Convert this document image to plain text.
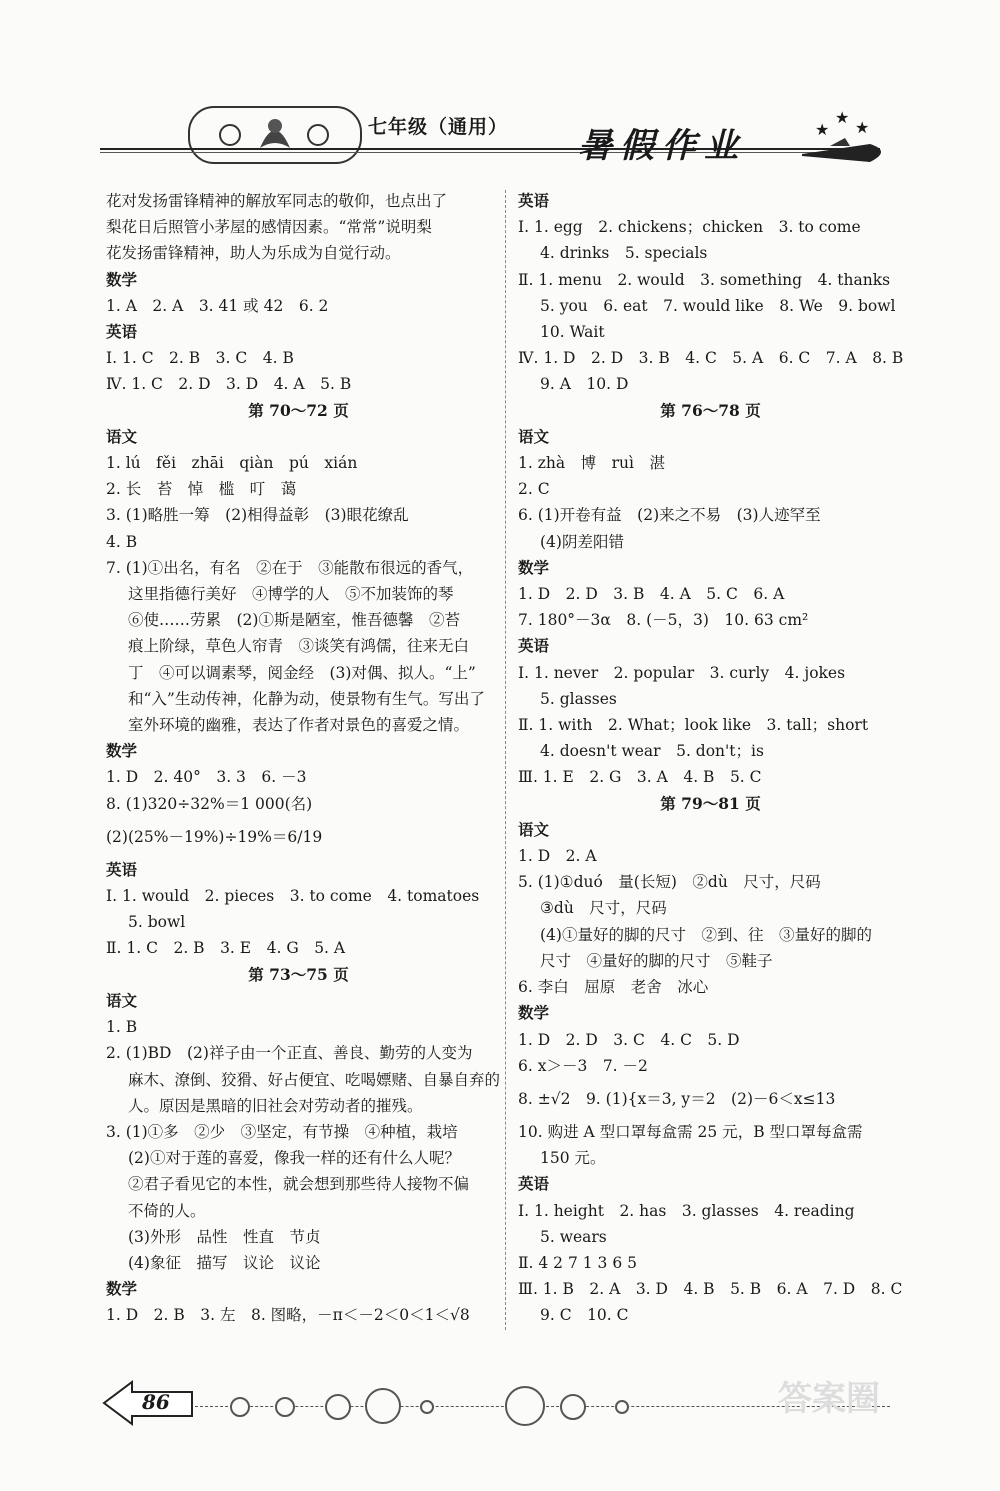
七年级（通用） 暑假作业	★
★
★
花对发扬雷锋精神的解放军同志的敬仰，也点出了
梨花日后照管小茅屋的感情因素。“常常”说明梨
花发扬雷锋精神，助人为乐成为自觉行动。
数学
1. A　2. A　3. 41 或 42　6. 2
英语
Ⅰ. 1. C　2. B　3. C　4. B
Ⅳ. 1. C　2. D　3. D　4. A　5. B
第 70～72 页
语文
1. lú　fěi　zhāi　qiàn　pú　xián
2. 长　苔　悼　槛　叮　蔼
3. (1)略胜一筹　(2)相得益彰　(3)眼花缭乱
4. B
7. (1)①出名，有名　②在于　③能散布很远的香气，
这里指德行美好　④博学的人　⑤不加装饰的琴
⑥使……劳累　(2)①斯是陋室，惟吾德馨　②苔
痕上阶绿，草色人帘青　③谈笑有鸿儒，往来无白
丁　④可以调素琴，阅金经　(3)对偶、拟人。“上”
和“入”生动传神，化静为动，使景物有生气。写出了
室外环境的幽雅，表达了作者对景色的喜爱之情。
数学
1. D　2. 40°　3. 3　6. －3
8. (1)320÷32%＝1 000(名)
(2)(25%－19%)÷19%＝6/19
英语
Ⅰ. 1. would　2. pieces　3. to come　4. tomatoes
5. bowl
Ⅱ. 1. C　2. B　3. E　4. G　5. A
第 73～75 页
语文
1. B
2. (1)BD　(2)祥子由一个正直、善良、勤劳的人变为
麻木、潦倒、狡猾、好占便宜、吃喝嫖赌、自暴自弃的
人。原因是黑暗的旧社会对劳动者的摧残。
3. (1)①多　②少　③坚定，有节操　④种植，栽培
(2)①对于莲的喜爱，像我一样的还有什么人呢？
②君子看见它的本性，就会想到那些待人接物不偏
不倚的人。
(3)外形　品性　性直　节贞
(4)象征　描写　议论　议论
数学
1. D　2. B　3. 左　8. 图略，－π＜－2＜0＜1＜√8
英语
Ⅰ. 1. egg　2. chickens；chicken　3. to come
4. drinks　5. specials
Ⅱ. 1. menu　2. would　3. something　4. thanks
5. you　6. eat　7. would like　8. We　9. bowl
10. Wait
Ⅳ. 1. D　2. D　3. B　4. C　5. A　6. C　7. A　8. B
9. A　10. D
第 76～78 页
语文
1. zhà　博　ruì　湛
2. C
6. (1)开卷有益　(2)来之不易　(3)人迹罕至
(4)阴差阳错
数学
1. D　2. D　3. B　4. A　5. C　6. A
7. 180°－3α　8. (－5，3)　10. 63 cm²
英语
Ⅰ. 1. never　2. popular　3. curly　4. jokes
5. glasses
Ⅱ. 1. with　2. What；look like　3. tall；short
4. doesn't wear　5. don't；is
Ⅲ. 1. E　2. G　3. A　4. B　5. C
第 79～81 页
语文
1. D　2. A
5. (1)①duó　量(长短)　②dù　尺寸，尺码
③dù　尺寸，尺码
(4)①量好的脚的尺寸　②到、往　③量好的脚的
尺寸　④量好的脚的尺寸　⑤鞋子
6. 李白　屈原　老舍　冰心
数学
1. D　2. D　3. C　4. C　5. D
6. x＞－3　7. －2
8. ±√2　9. (1){x＝3, y＝2　(2)－6＜x≤13
10. 购进 A 型口罩每盒需 25 元，B 型口罩每盒需
150 元。
英语
Ⅰ. 1. height　2. has　3. glasses　4. reading
5. wears
Ⅱ. 4 2 7 1 3 6 5
Ⅲ. 1. B　2. A　3. D　4. B　5. B　6. A　7. D　8. C
9. C　10. C
86	答案圈
